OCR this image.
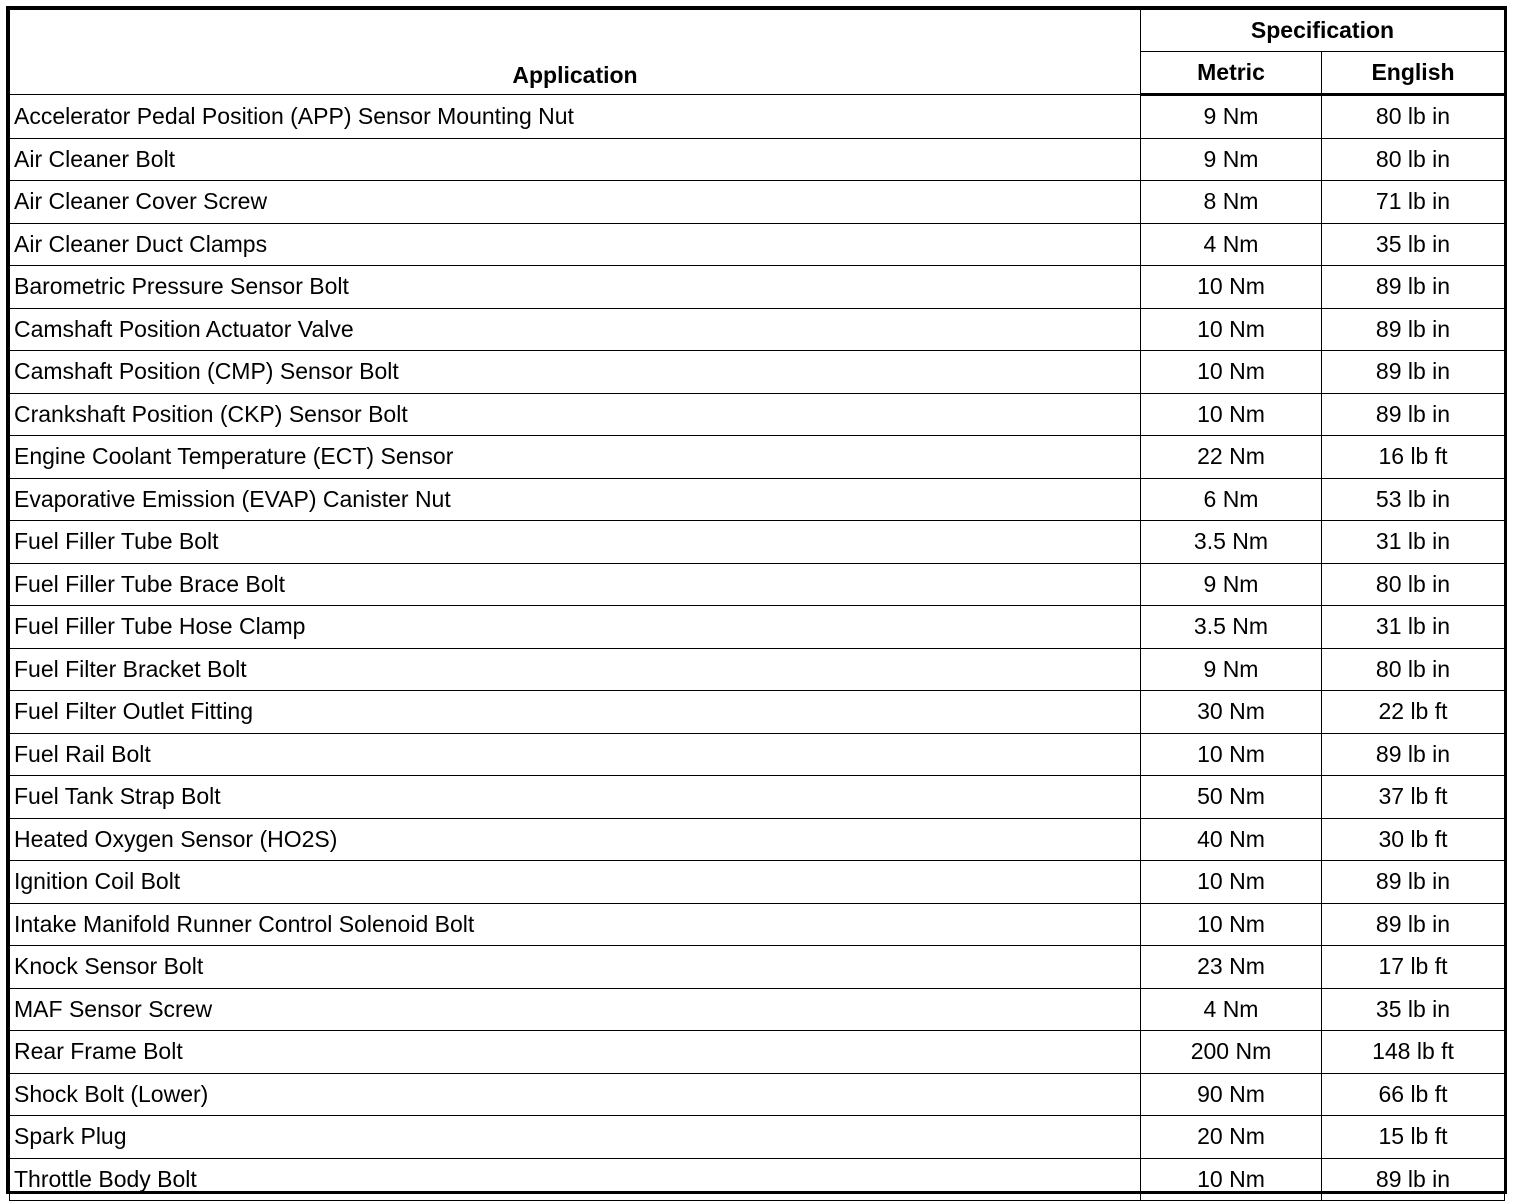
Application	Specification	
	Metric	English
Accelerator Pedal Position (APP) Sensor Mounting Nut	9 Nm	80 lb in
Air Cleaner Bolt	9 Nm	80 lb in
Air Cleaner Cover Screw	8 Nm	71 lb in
Air Cleaner Duct Clamps	4 Nm	35 lb in
Barometric Pressure Sensor Bolt	10 Nm	89 lb in
Camshaft Position Actuator Valve	10 Nm	89 lb in
Camshaft Position (CMP) Sensor Bolt	10 Nm	89 lb in
Crankshaft Position (CKP) Sensor Bolt	10 Nm	89 lb in
Engine Coolant Temperature (ECT) Sensor	22 Nm	16 lb ft
Evaporative Emission (EVAP) Canister Nut	6 Nm	53 lb in
Fuel Filler Tube Bolt	3.5 Nm	31 lb in
Fuel Filler Tube Brace Bolt	9 Nm	80 lb in
Fuel Filler Tube Hose Clamp	3.5 Nm	31 lb in
Fuel Filter Bracket Bolt	9 Nm	80 lb in
Fuel Filter Outlet Fitting	30 Nm	22 lb ft
Fuel Rail Bolt	10 Nm	89 lb in
Fuel Tank Strap Bolt	50 Nm	37 lb ft
Heated Oxygen Sensor (HO2S)	40 Nm	30 lb ft
Ignition Coil Bolt	10 Nm	89 lb in
Intake Manifold Runner Control Solenoid Bolt	10 Nm	89 lb in
Knock Sensor Bolt	23 Nm	17 lb ft
MAF Sensor Screw	4 Nm	35 lb in
Rear Frame Bolt	200 Nm	148 lb ft
Shock Bolt (Lower)	90 Nm	66 lb ft
Spark Plug	20 Nm	15 lb ft
Throttle Body Bolt	10 Nm	89 lb in
